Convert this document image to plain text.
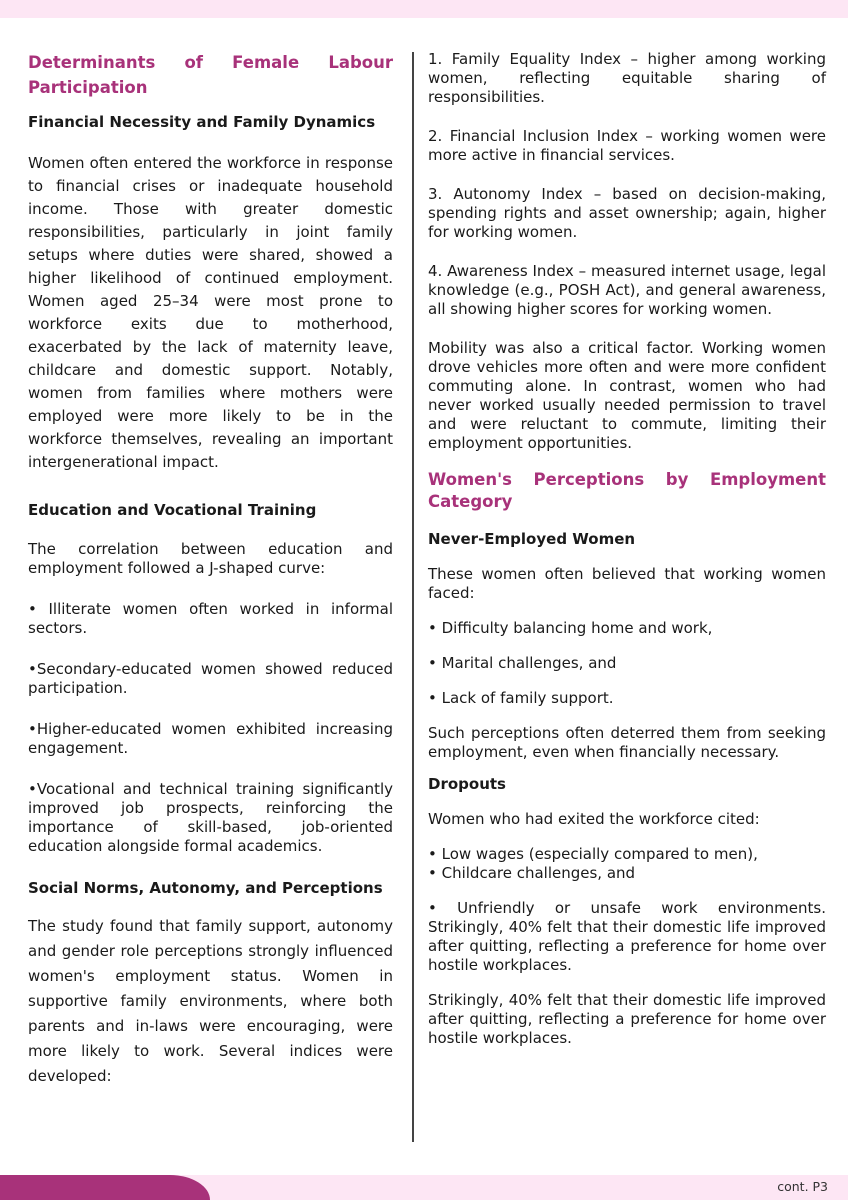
Determinants of Female Labour
Participation
Financial Necessity and Family Dynamics
Women often entered the workforce in response to financial crises or inadequate household income. Those with greater domestic responsibilities, particularly in joint family setups where duties were shared, showed a higher likelihood of continued employment. Women aged 25–34 were most prone to workforce exits due to motherhood, exacerbated by the lack of maternity leave, childcare and domestic support. Notably, women from families where mothers were employed were more likely to be in the workforce themselves, revealing an important intergenerational impact.
Education and Vocational Training
The correlation between education and employment followed a J-shaped curve:
• Illiterate women often worked in informal sectors.
•Secondary-educated women showed reduced participation.
•Higher-educated women exhibited increasing engagement.
•Vocational and technical training significantly improved job prospects, reinforcing the importance of skill-based, job-oriented education alongside formal academics.
Social Norms, Autonomy, and Perceptions
The study found that family support, autonomy and gender role perceptions strongly influenced women's employment status. Women in supportive family environments, where both parents and in-laws were encouraging, were more likely to work. Several indices were developed:
1. Family Equality Index – higher among working women, reflecting equitable sharing of responsibilities.
2. Financial Inclusion Index – working women were more active in financial services.
3. Autonomy Index – based on decision-making, spending rights and asset ownership; again, higher for working women.
4. Awareness Index – measured internet usage, legal knowledge (e.g., POSH Act), and general awareness, all showing higher scores for working women.
Mobility was also a critical factor. Working women drove vehicles more often and were more confident commuting alone. In contrast, women who had never worked usually needed permission to travel and were reluctant to commute, limiting their employment opportunities.
Women's Perceptions by Employment
Category
Never-Employed Women
These women often believed that working women faced:
• Difficulty balancing home and work,
• Marital challenges, and
• Lack of family support.
Such perceptions often deterred them from seeking employment, even when financially necessary.
Dropouts
Women who had exited the workforce cited:
• Low wages (especially compared to men),
• Childcare challenges, and
• Unfriendly or unsafe work environments. Strikingly, 40% felt that their domestic life improved after quitting, reflecting a preference for home over hostile workplaces.
Strikingly, 40% felt that their domestic life improved after quitting, reflecting a preference for home over hostile workplaces.
cont. P3
